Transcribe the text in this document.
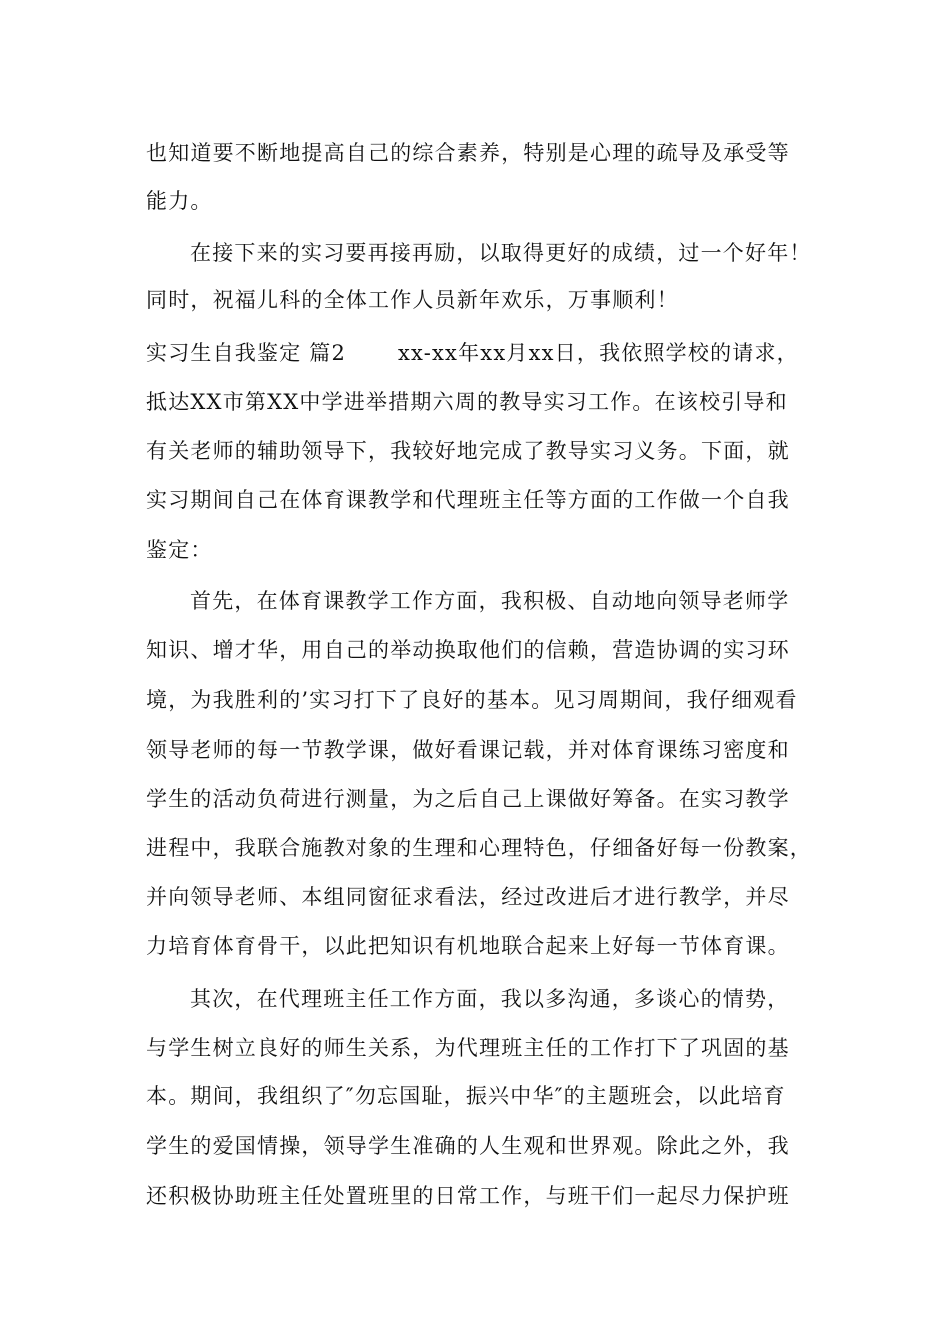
也知道要不断地提高自己的综合素养，特别是心理的疏导及承受等
能力。
在接下来的实习要再接再励，以取得更好的成绩，过一个好年！
同时，祝福儿科的全体工作人员新年欢乐，万事顺利！
实习生自我鉴定 篇2 xx-xx年xx月xx日，我依照学校的请求，
抵达XX市第XX中学进举措期六周的教导实习工作。在该校引导和
有关老师的辅助领导下，我较好地完成了教导实习义务。下面，就
实习期间自己在体育课教学和代理班主任等方面的工作做一个自我
鉴定：
首先，在体育课教学工作方面，我积极、自动地向领导老师学
知识、增才华，用自己的举动换取他们的信赖，营造协调的实习环
境，为我胜利的’实习打下了良好的基本。见习周期间，我仔细观看
领导老师的每一节教学课，做好看课记载，并对体育课练习密度和
学生的活动负荷进行测量，为之后自己上课做好筹备。在实习教学
进程中，我联合施教对象的生理和心理特色，仔细备好每一份教案，
并向领导老师、本组同窗征求看法，经过改进后才进行教学，并尽
力培育体育骨干，以此把知识有机地联合起来上好每一节体育课。
其次，在代理班主任工作方面，我以多沟通，多谈心的情势，
与学生树立良好的师生关系，为代理班主任的工作打下了巩固的基
本。期间，我组织了″勿忘国耻，振兴中华″的主题班会，以此培育
学生的爱国情操，领导学生准确的人生观和世界观。除此之外，我
还积极协助班主任处置班里的日常工作，与班干们一起尽力保护班
